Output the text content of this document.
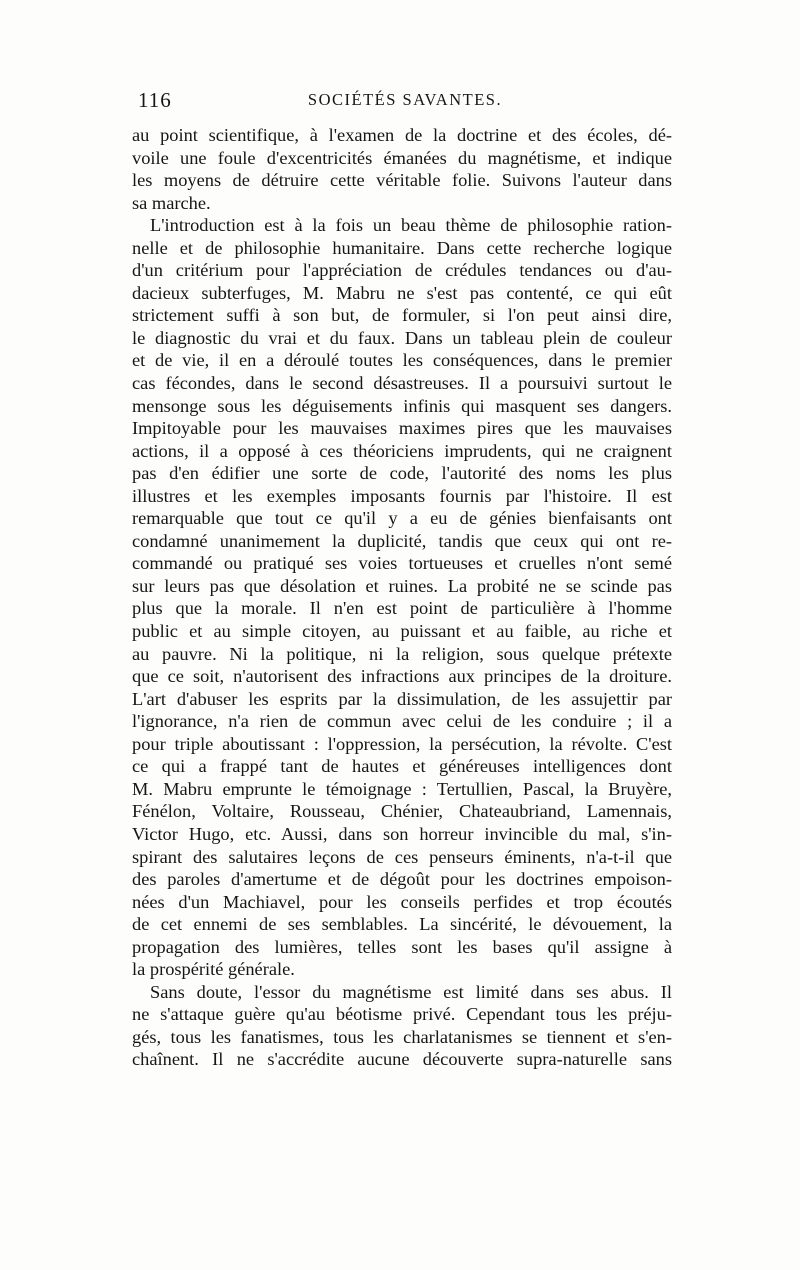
116	SOCIÉTÉS SAVANTES.
au point scientifique, à l'examen de la doctrine et des écoles, dé-
voile une foule d'excentricités émanées du magnétisme, et indique
les moyens de détruire cette véritable folie. Suivons l'auteur dans
sa marche.
L'introduction est à la fois un beau thème de philosophie ration-
nelle et de philosophie humanitaire. Dans cette recherche logique
d'un critérium pour l'appréciation de crédules tendances ou d'au-
dacieux subterfuges, M. Mabru ne s'est pas contenté, ce qui eût
strictement suffi à son but, de formuler, si l'on peut ainsi dire,
le diagnostic du vrai et du faux. Dans un tableau plein de couleur
et de vie, il en a déroulé toutes les conséquences, dans le premier
cas fécondes, dans le second désastreuses. Il a poursuivi surtout le
mensonge sous les déguisements infinis qui masquent ses dangers.
Impitoyable pour les mauvaises maximes pires que les mauvaises
actions, il a opposé à ces théoriciens imprudents, qui ne craignent
pas d'en édifier une sorte de code, l'autorité des noms les plus
illustres et les exemples imposants fournis par l'histoire. Il est
remarquable que tout ce qu'il y a eu de génies bienfaisants ont
condamné unanimement la duplicité, tandis que ceux qui ont re-
commandé ou pratiqué ses voies tortueuses et cruelles n'ont semé
sur leurs pas que désolation et ruines. La probité ne se scinde pas
plus que la morale. Il n'en est point de particulière à l'homme
public et au simple citoyen, au puissant et au faible, au riche et
au pauvre. Ni la politique, ni la religion, sous quelque prétexte
que ce soit, n'autorisent des infractions aux principes de la droiture.
L'art d'abuser les esprits par la dissimulation, de les assujettir par
l'ignorance, n'a rien de commun avec celui de les conduire ; il a
pour triple aboutissant : l'oppression, la persécution, la révolte. C'est
ce qui a frappé tant de hautes et généreuses intelligences dont
M. Mabru emprunte le témoignage : Tertullien, Pascal, la Bruyère,
Fénélon, Voltaire, Rousseau, Chénier, Chateaubriand, Lamennais,
Victor Hugo, etc. Aussi, dans son horreur invincible du mal, s'in-
spirant des salutaires leçons de ces penseurs éminents, n'a-t-il que
des paroles d'amertume et de dégoût pour les doctrines empoison-
nées d'un Machiavel, pour les conseils perfides et trop écoutés
de cet ennemi de ses semblables. La sincérité, le dévouement, la
propagation des lumières, telles sont les bases qu'il assigne à
la prospérité générale.
Sans doute, l'essor du magnétisme est limité dans ses abus. Il
ne s'attaque guère qu'au béotisme privé. Cependant tous les préju-
gés, tous les fanatismes, tous les charlatanismes se tiennent et s'en-
chaînent. Il ne s'accrédite aucune découverte supra-naturelle sans
